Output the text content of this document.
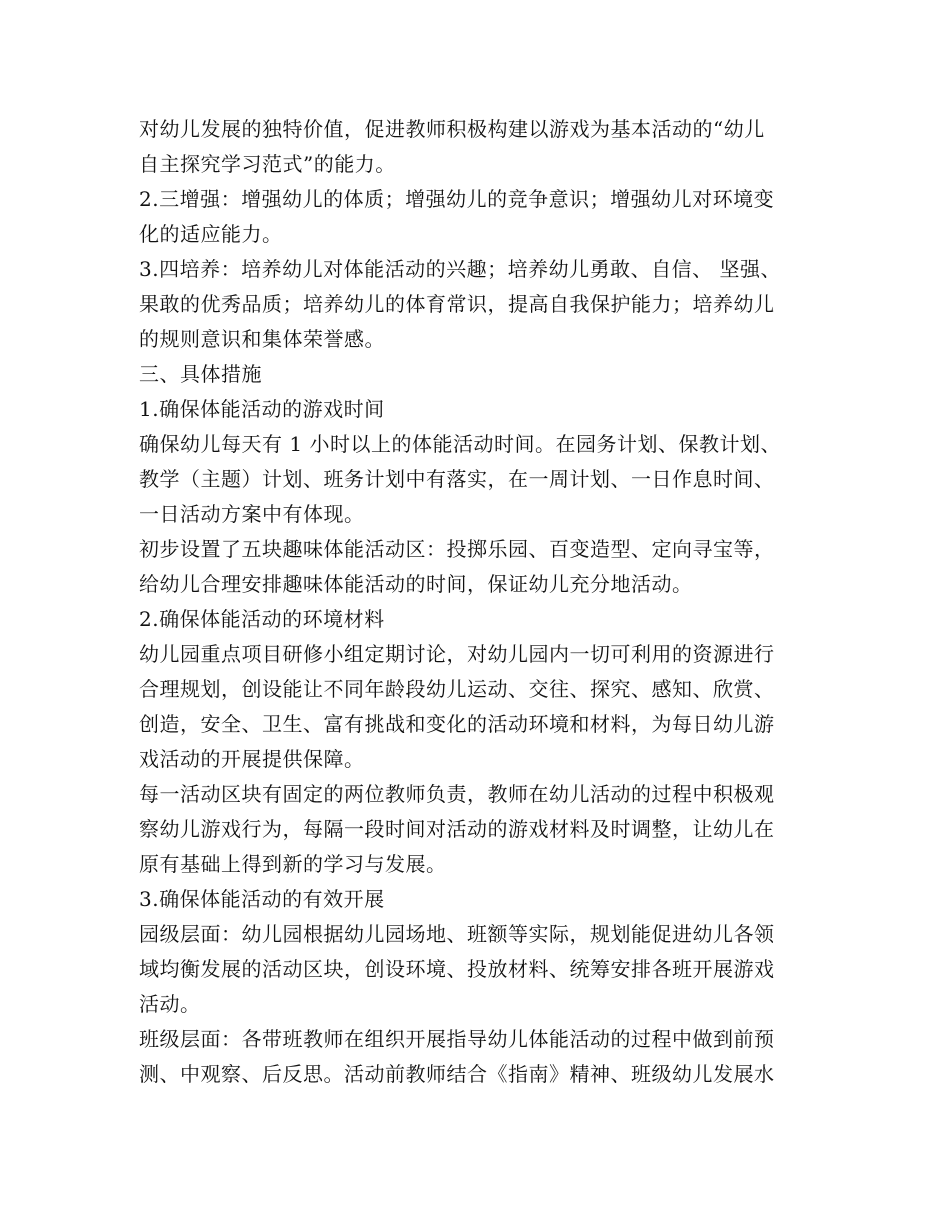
对幼儿发展的独特价值，促进教师积极构建以游戏为基本活动的“幼儿
自主探究学习范式”的能力。
2.三增强：增强幼儿的体质；增强幼儿的竞争意识；增强幼儿对环境变
化的适应能力。
3.四培养：培养幼儿对体能活动的兴趣；培养幼儿勇敢、自信、 坚强、
果敢的优秀品质；培养幼儿的体育常识，提高自我保护能力；培养幼儿
的规则意识和集体荣誉感。
三、具体措施
1.确保体能活动的游戏时间
确保幼儿每天有 1 小时以上的体能活动时间。在园务计划、保教计划、
教学（主题）计划、班务计划中有落实，在一周计划、一日作息时间、
一日活动方案中有体现。
初步设置了五块趣味体能活动区：投掷乐园、百变造型、定向寻宝等，
给幼儿合理安排趣味体能活动的时间，保证幼儿充分地活动。
2.确保体能活动的环境材料
幼儿园重点项目研修小组定期讨论，对幼儿园内一切可利用的资源进行
合理规划，创设能让不同年龄段幼儿运动、交往、探究、感知、欣赏、
创造，安全、卫生、富有挑战和变化的活动环境和材料，为每日幼儿游
戏活动的开展提供保障。
每一活动区块有固定的两位教师负责，教师在幼儿活动的过程中积极观
察幼儿游戏行为，每隔一段时间对活动的游戏材料及时调整，让幼儿在
原有基础上得到新的学习与发展。
3.确保体能活动的有效开展
园级层面：幼儿园根据幼儿园场地、班额等实际，规划能促进幼儿各领
域均衡发展的活动区块，创设环境、投放材料、统筹安排各班开展游戏
活动。
班级层面：各带班教师在组织开展指导幼儿体能活动的过程中做到前预
测、中观察、后反思。活动前教师结合《指南》精神、班级幼儿发展水
